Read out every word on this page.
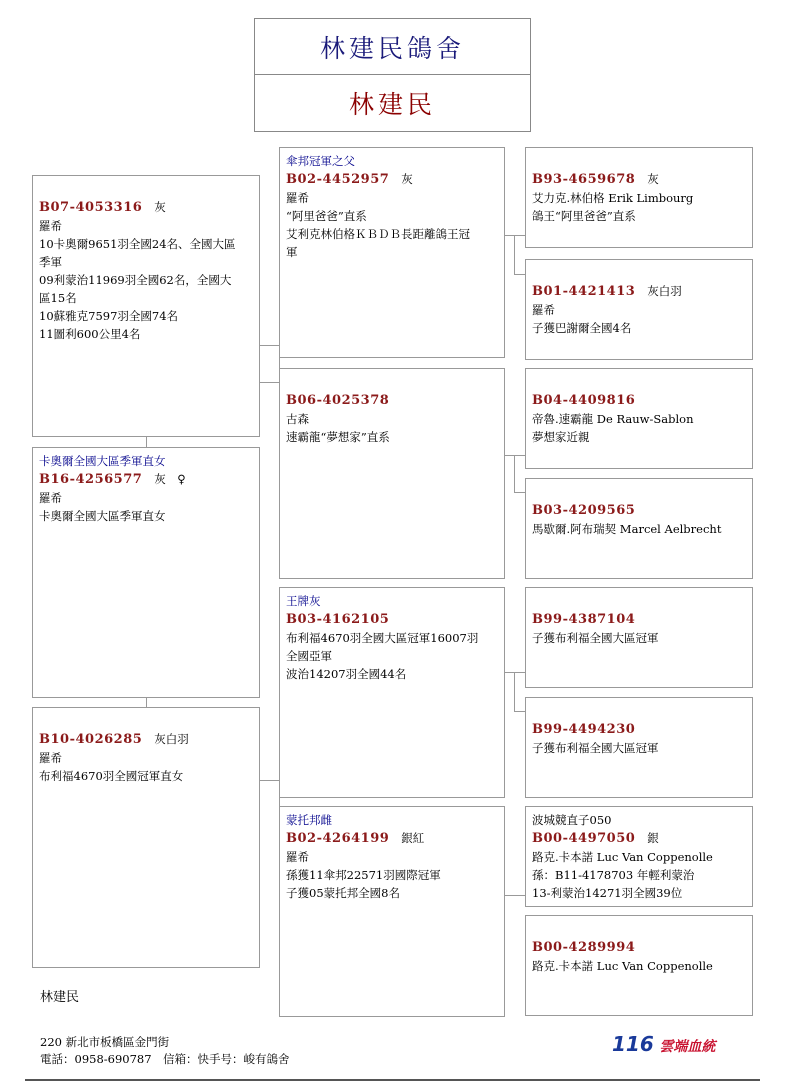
林建民鴿舍
林建民
B07-4053316 灰
羅希
10卡奧爾9651羽全國24名、全國大區
季軍
09利蒙治11969羽全國62名，全國大
區15名
10蘇雅克7597羽全國74名
11圖利600公里4名
卡奧爾全國大區季軍直女
B16-4256577 灰　♀
羅希
卡奧爾全國大區季軍直女
B10-4026285 灰白羽
羅希
布利福4670羽全國冠軍直女
傘邦冠軍之父
B02-4452957 灰
羅希
“阿里爸爸”直系
艾利克林伯格ＫＢＤＢ長距離鴿王冠
軍
B06-4025378
古森
速霸龍“夢想家”直系
王牌灰
B03-4162105
布利福4670羽全國大區冠軍16007羽
全國亞軍
波治14207羽全國44名
蒙托邦雌
B02-4264199 銀紅
羅希
孫獲11傘邦22571羽國際冠軍
子獲05蒙托邦全國8名
B93-4659678 灰
艾力克.林伯格 Erik Limbourg
鴿王“阿里爸爸”直系
B01-4421413 灰白羽
羅希
子獲巴謝爾全國4名
B04-4409816
帝魯.速霸龍 De Rauw-Sablon
夢想家近親
B03-4209565
馬歇爾.阿布瑞契 Marcel Aelbrecht
B99-4387104
子獲布利福全國大區冠軍
B99-4494230
子獲布利福全國大區冠軍
波城競直子050
B00-4497050 銀
路克.卡本諾 Luc Van Coppenolle
孫：B11-4178703 年輕利蒙治
13-利蒙治14271羽全國39位
B00-4289994
路克.卡本諾 Luc Van Coppenolle
林建民
220 新北市板橋區金門街
電話：0958-690787　信箱：快手号：峻有鴿舍
116 雲端血統
